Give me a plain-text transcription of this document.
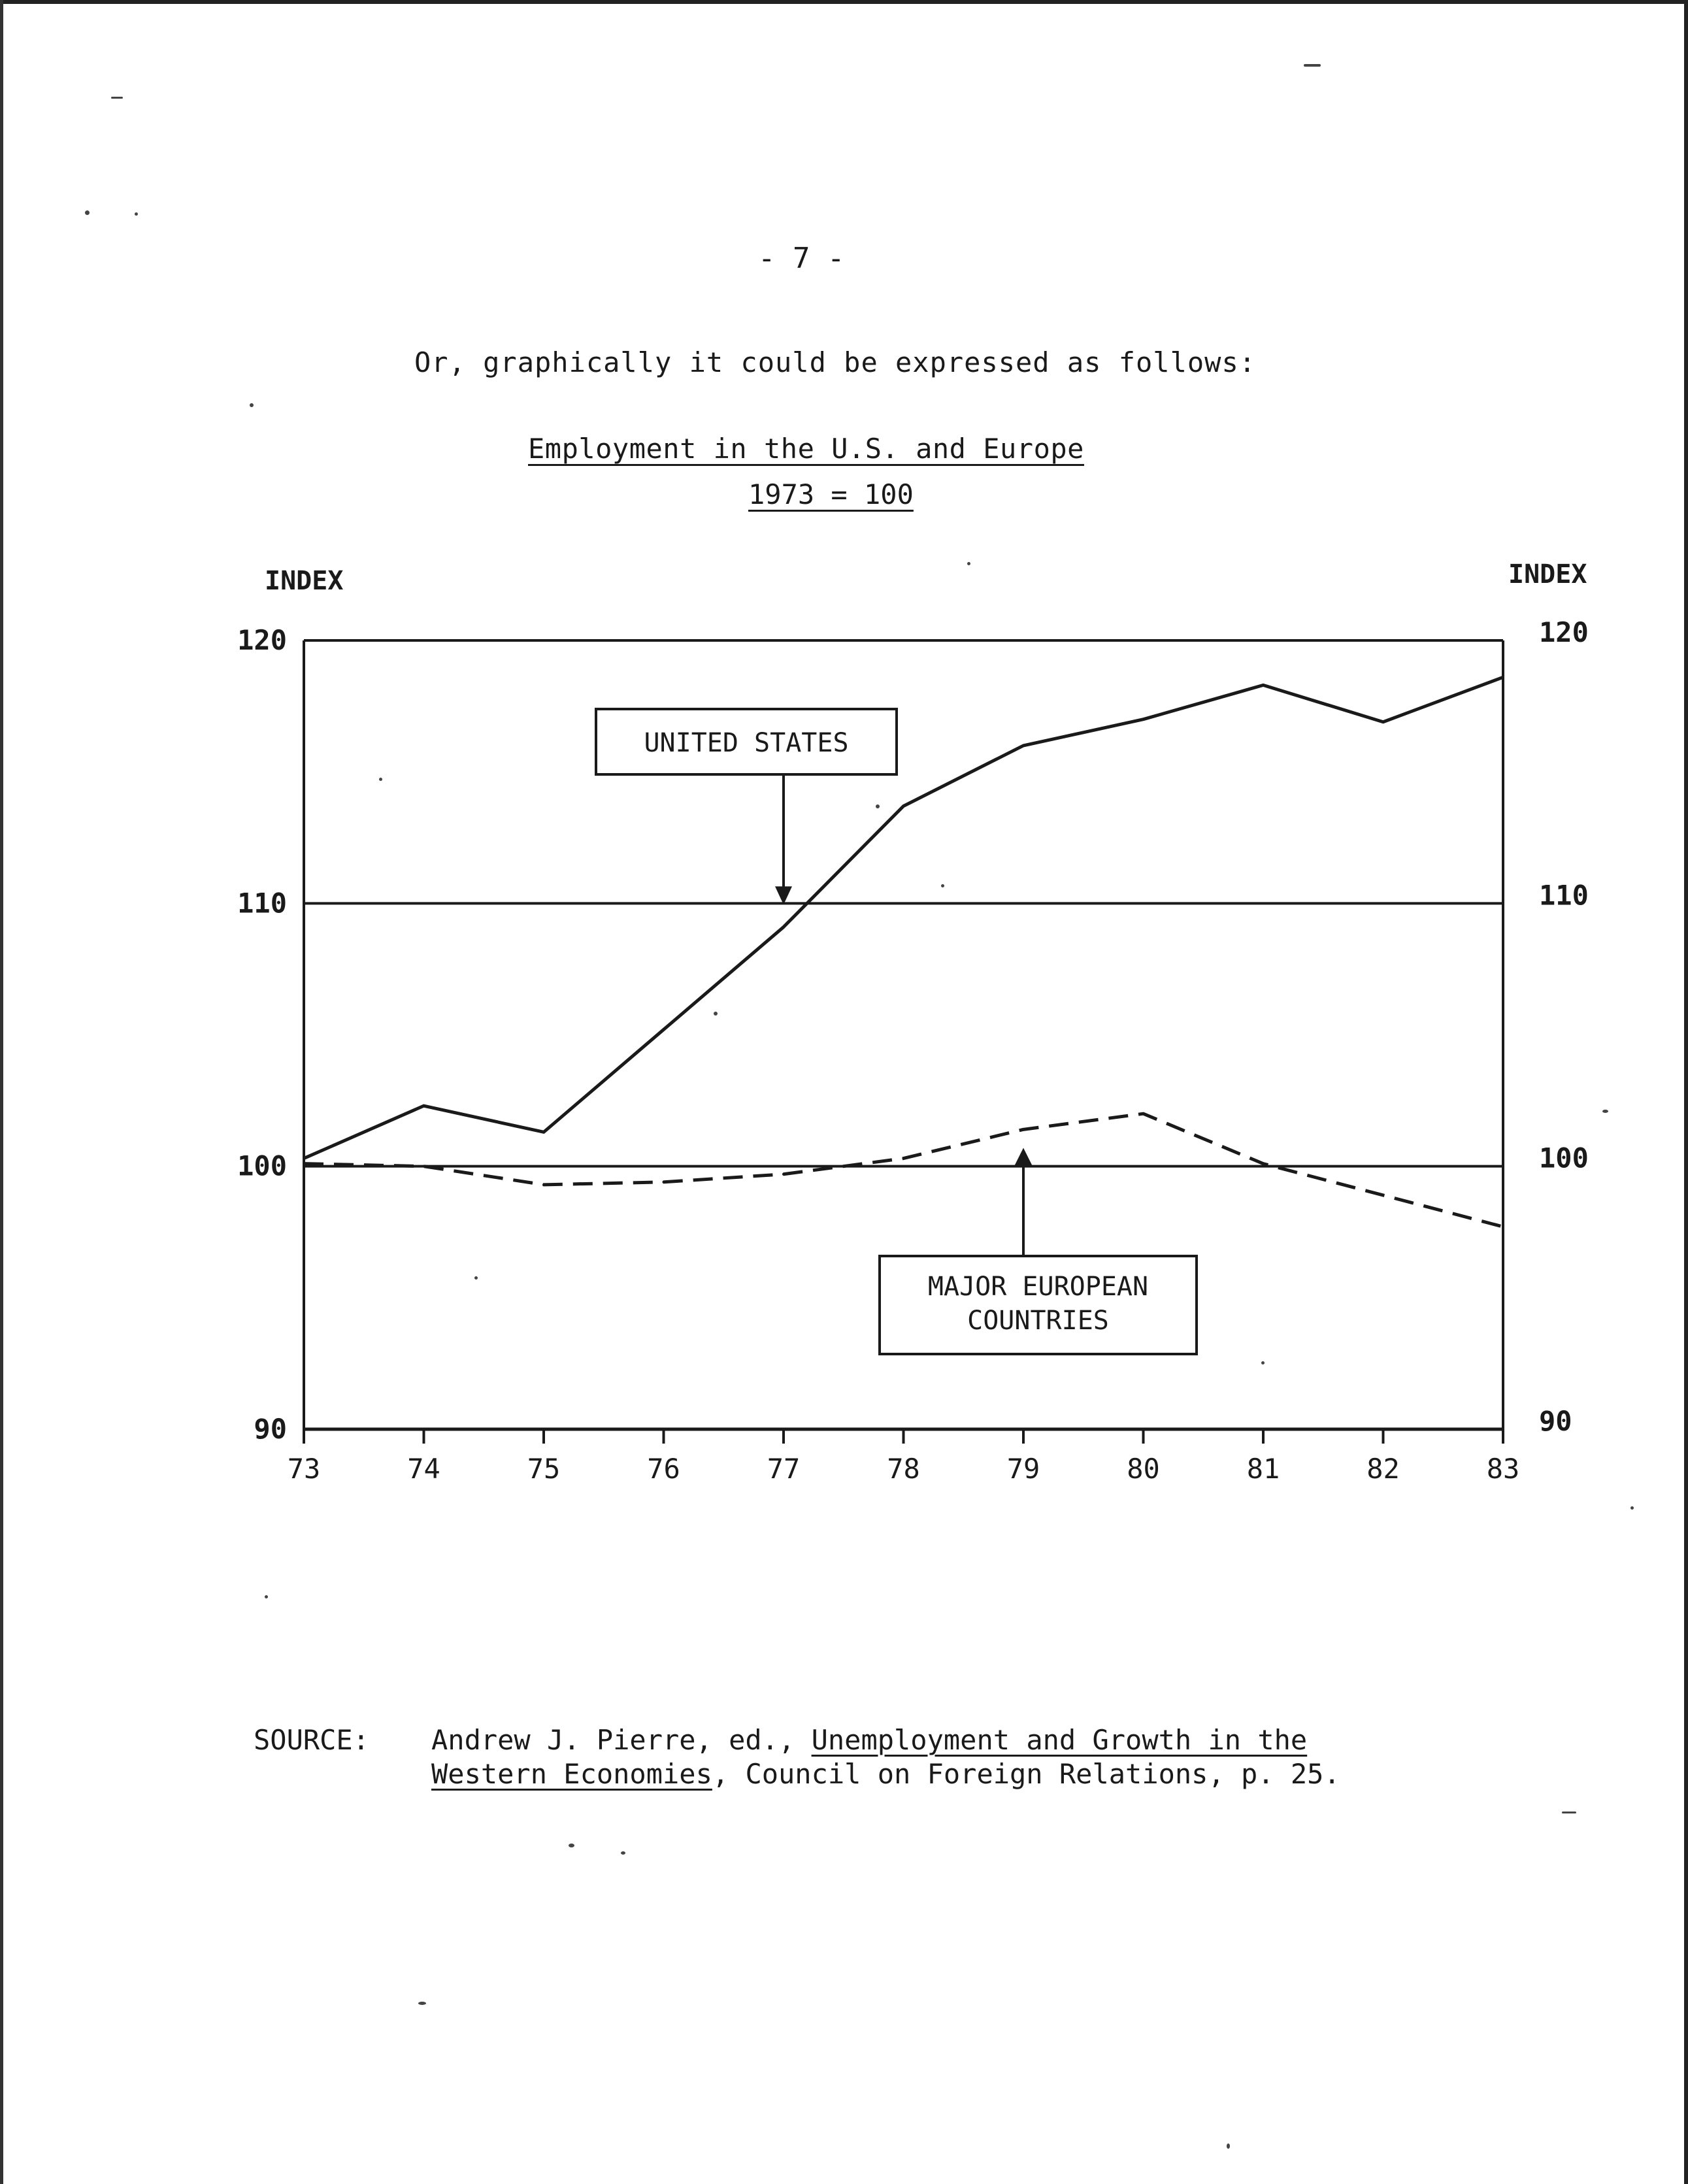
- 7 -
Or, graphically it could be expressed as follows:
Employment in the U.S. and Europe
1973 = 100
90	90
100	100
110	110
120	120
INDEX	INDEX
73	74	75	76	77	78	79	80	81	82	83
UNITED STATES
MAJOR EUROPEAN
COUNTRIES
SOURCE: Andrew J. Pierre, ed., Unemployment and Growth in the
Western Economies, Council on Foreign Relations, p. 25.
